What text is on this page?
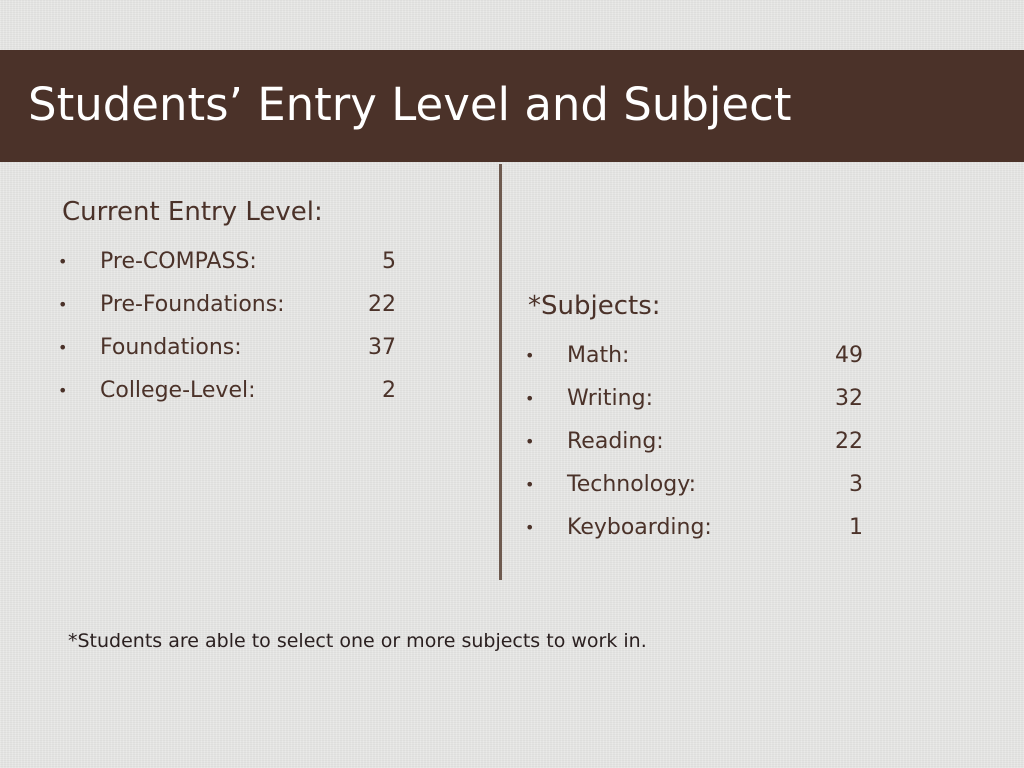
Students’ Entry Level and Subject
Current Entry Level:
• Pre-COMPASS:	5
• Pre-Foundations:	22
• Foundations:	37
• College-Level:	2
*Subjects:
• Math:	49
• Writing:	32
• Reading:	22
• Technology:	3
• Keyboarding:	1
*Students are able to select one or more subjects to work in.
